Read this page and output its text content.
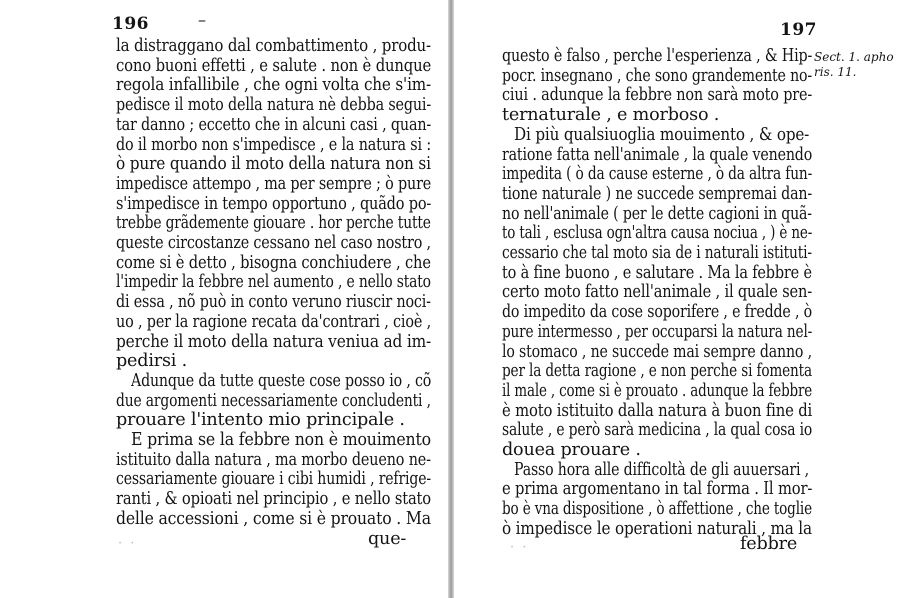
196	–
la distraggano dal combattimento , produ-
cono buoni effetti , e salute . non è dunque
regola infallibile , che ogni volta che s'im-
pedisce il moto della natura nè debba segui-
tar danno ; eccetto che in alcuni casi , quan-
do il morbo non s'impedisce , e la natura si :
ò pure quando il moto della natura non si
impedisce attempo , ma per sempre ; ò pure
s'impedisce in tempo opportuno , quãdo po-
trebbe grãdemente giouare . hor perche tutte
queste circostanze cessano nel caso nostro ,
come si è detto , bisogna conchiudere , che
l'impedir la febbre nel aumento , e nello stato
di essa , nõ può in conto veruno riuscir noci-
uo , per la ragione recata da'contrari , cioè ,
perche il moto della natura veniua ad im-
pedirsi .
Adunque da tutte queste cose posso io , cõ
due argomenti necessariamente concludenti ,
prouare l'intento mio principale .
E prima se la febbre non è mouimento
istituito dalla natura , ma morbo deueno ne-
cessariamente giouare i cibi humidi , refrige-
ranti , & opioati nel principio , e nello stato
delle accessioni , come si è prouato . Ma
que-
· ·
197
Sect. 1. apho
ris. 11.
questo è falso , perche l'esperienza , & Hip-
pocr. insegnano , che sono grandemente no-
ciui . adunque la febbre non sarà moto pre-
ternaturale , e morboso .
Di più qualsiuoglia mouimento , & ope-
ratione fatta nell'animale , la quale venendo
impedita ( ò da cause esterne , ò da altra fun-
tione naturale ) ne succede sempremai dan-
no nell'animale ( per le dette cagioni in quã-
to tali , esclusa ogn'altra causa nociua , ) è ne-
cessario che tal moto sia de i naturali istituti-
to à fine buono , e salutare . Ma la febbre è
certo moto fatto nell'animale , il quale sen-
do impedito da cose soporifere , e fredde , ò
pure intermesso , per occuparsi la natura nel-
lo stomaco , ne succede mai sempre danno ,
per la detta ragione , e non perche si fomenta
il male , come si è prouato . adunque la febbre
è moto istituito dalla natura à buon fine di
salute , e però sarà medicina , la qual cosa io
doueа prouare .
Passo hora alle difficoltà de gli auuersari ,
e prima argomentano in tal forma . Il mor-
bo è vna dispositione , ò affettione , che toglie
ò impedisce le operationi naturali , ma la
febbre
· ·
